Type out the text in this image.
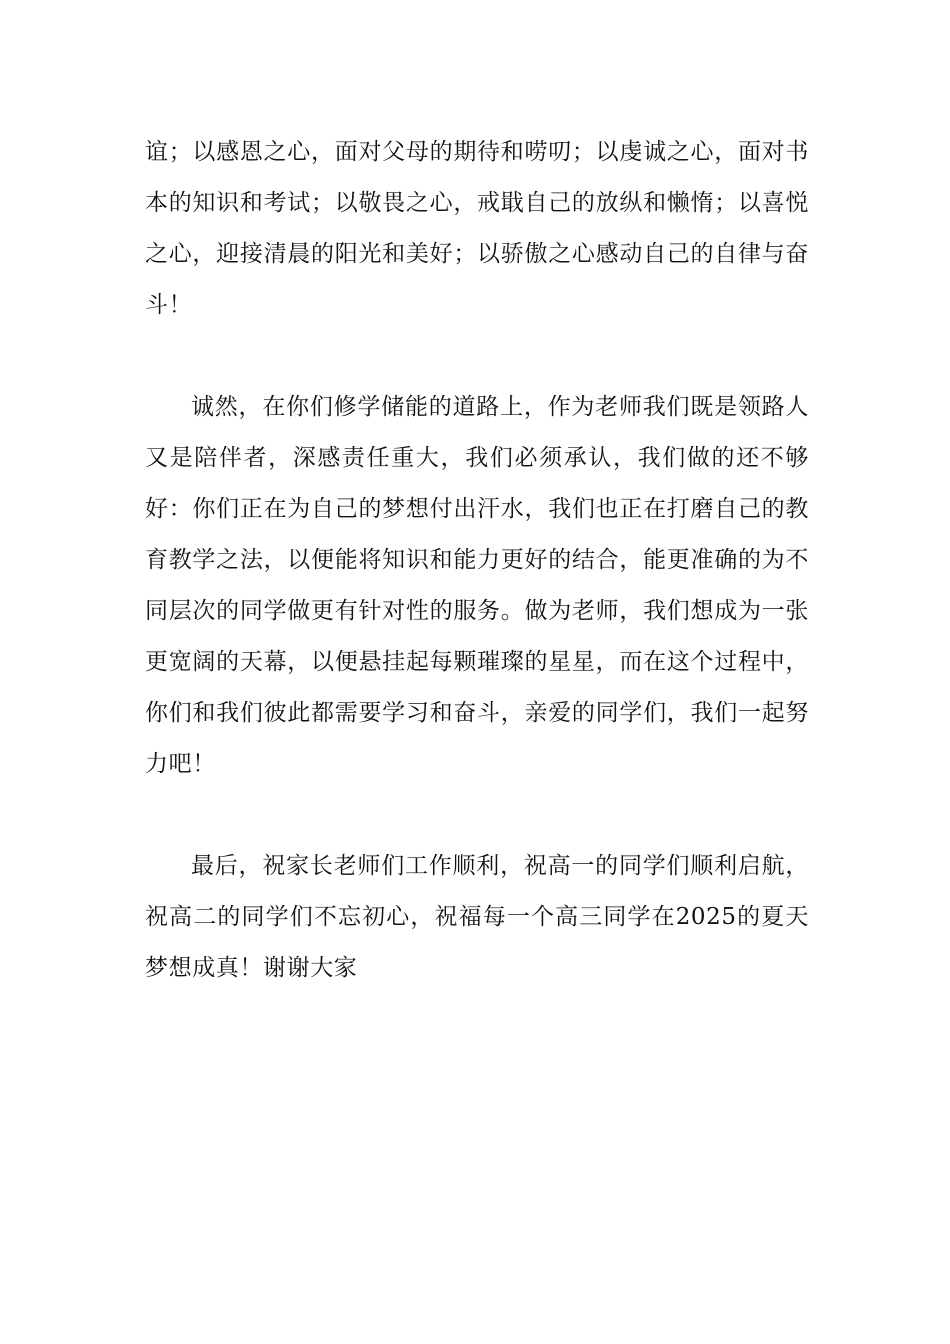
谊；以感恩之心，面对父母的期待和唠叨；以虔诚之心，面对书本的知识和考试；以敬畏之心，戒戢自己的放纵和懒惰；以喜悦之心，迎接清晨的阳光和美好；以骄傲之心感动自己的自律与奋斗！

诚然，在你们修学储能的道路上，作为老师我们既是领路人又是陪伴者，深感责任重大，我们必须承认，我们做的还不够好：你们正在为自己的梦想付出汗水，我们也正在打磨自己的教育教学之法，以便能将知识和能力更好的结合，能更准确的为不同层次的同学做更有针对性的服务。做为老师，我们想成为一张更宽阔的天幕，以便悬挂起每颗璀璨的星星，而在这个过程中，你们和我们彼此都需要学习和奋斗，亲爱的同学们，我们一起努力吧！

最后，祝家长老师们工作顺利，祝高一的同学们顺利启航，祝高二的同学们不忘初心，祝福每一个高三同学在2025的夏天梦想成真！谢谢大家
